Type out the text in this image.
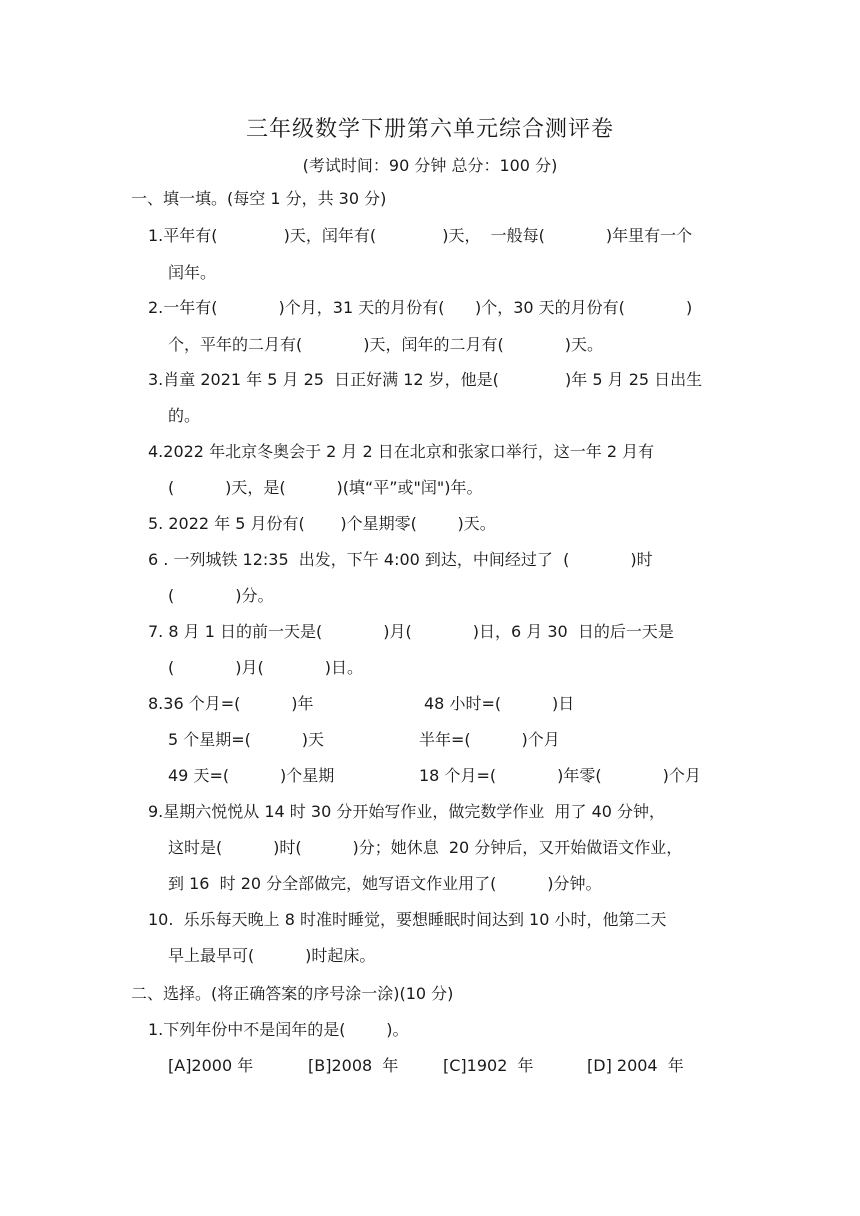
三年级数学下册第六单元综合测评卷
(考试时间：90 分钟 总分：100 分)
一、填一填。(每空 1 分，共 30 分)
1.平年有(             )天，闰年有(             )天，  一般每(            )年里有一个
闰年。
2.一年有(            )个月，31 天的月份有(      )个，30 天的月份有(            )
个，平年的二月有(            )天，闰年的二月有(            )天。
3.肖童 2021 年 5 月 25  日正好满 12 岁，他是(             )年 5 月 25 日出生
的。
4.2022 年北京冬奥会于 2 月 2 日在北京和张家口举行，这一年 2 月有
(          )天，是(          )(填“平”或"闰")年。
5. 2022 年 5 月份有(       )个星期零(        )天。
6 . 一列城铁 12:35  出发，下午 4:00 到达，中间经过了  (            )时
(            )分。
7. 8 月 1 日的前一天是(            )月(            )日，6 月 30  日的后一天是
(            )月(            )日。
8.36 个月=(          )年	48 小时=(          )日
5 个星期=(          )天	半年=(          )个月
49 天=(          )个星期	18 个月=(            )年零(            )个月
9.星期六悦悦从 14 时 30 分开始写作业，做完数学作业  用了 40 分钟，
这时是(          )时(          )分；她休息  20 分钟后，又开始做语文作业，
到 16  时 20 分全部做完，她写语文作业用了(          )分钟。
10.  乐乐每天晚上 8 时准时睡觉，要想睡眠时间达到 10 小时，他第二天
早上最早可(          )时起床。
二、选择。(将正确答案的序号涂一涂)(10 分)
1.下列年份中不是闰年的是(        )。
[A]2000 年	[B]2008  年	[C]1902  年	[D] 2004  年
